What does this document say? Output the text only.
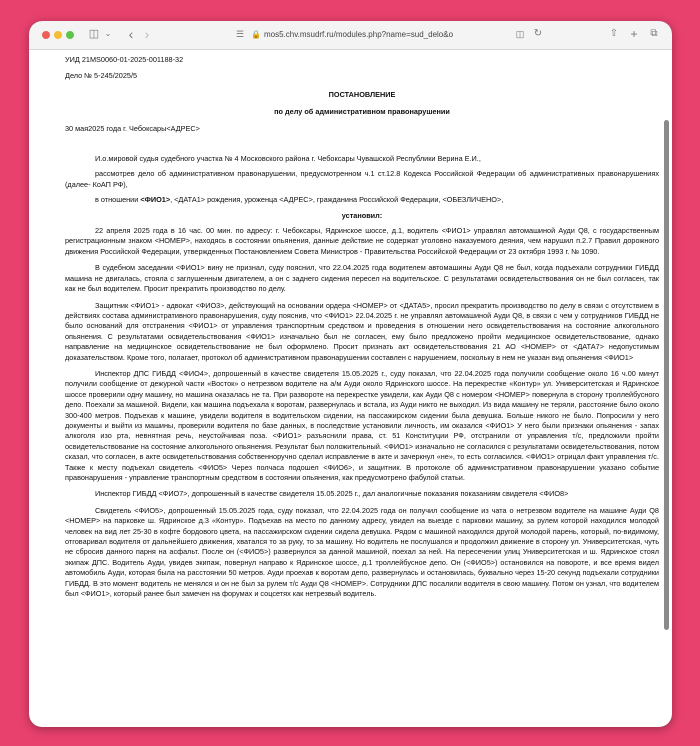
◫ ⌄ ‹ ›	☰ 🔒 mos5.chv.msudrf.ru/modules.php?name=sud_delo&o	◫ ↻	⇧ +	⧉

УИД 21MS0060-01-2025-001188-32

Дело № 5-245/2025/5

ПОСТАНОВЛЕНИЕ

по делу об административном правонарушении

30 мая2025 года г. Чебоксары<АДРЕС>

И.о.мировой судья судебного участка № 4 Московского района г. Чебоксары Чувашской Республики Верина Е.И.,

рассмотрев дело об административном правонарушении, предусмотренном ч.1 ст.12.8 Кодекса Российской Федерации об административных правонарушениях (далее- КоАП РФ),

в отношении <ФИО1>, <ДАТА1> рождения, уроженца <АДРЕС>, гражданина Российской Федерации, <ОБЕЗЛИЧЕНО>,

установил:

22 апреля 2025 года в 16 час. 00 мин. по адресу: г. Чебоксары, Ядринское шоссе, д.1, водитель <ФИО1> управлял автомашиной Ауди Q8, с государственным регистрационным знаком <НОМЕР>, находясь в состоянии опьянения, данные действие не содержат уголовно наказуемого деяния, чем нарушил п.2.7 Правил дорожного движения Российской Федерации, утвержденных Постановлением Совета Министров - Правительства Российской Федерации от 23 октября 1993 г. № 1090.

В судебном заседании <ФИО1> вину не признал, суду пояснил, что 22.04.2025 года водителем автомашины Ауди Q8 не был, когда подъехали сотрудники ГИБДД машина не двигалась, стояла с заглушенным двигателем, а он с заднего сидения пересел на водительское. С результатами освидетельствования он не был согласен, так как не был водителем. Просит прекратить производство по делу.

Защитник <ФИО1> - адвокат <ФИО3>, действующий на основании ордера <НОМЕР> от <ДАТА5>, просил прекратить производство по делу в связи с отсутствием в действиях состава административного правонарушения, суду пояснив, что <ФИО1> 22.04.2025 г. не управлял автомашиной Ауди Q8, в связи с чем у сотрудников ГИБДД не было оснований для отстранения <ФИО1> от управления транспортным средством и проведения в отношении него освидетельствования на состояние алкогольного опьянения. С результатами освидетельствования <ФИО1> изначально был не согласен, ему было предложено пройти медицинское освидетельствование, однако направление на медицинское освидетельствование не был оформлено. Просит признать акт освидетельствования 21 АО <НОМЕР> от <ДАТА7> недопустимым доказательством. Кроме того, полагает, протокол об административном правонарушении составлен с нарушением, поскольку в нем не указан вид опьянения <ФИО1>

Инспектор ДПС ГИБДД <ФИО4>, допрошенный в качестве свидетеля 15.05.2025 г., суду показал, что 22.04.2025 года получили сообщение около 16 ч.00 минут получили сообщение от дежурной части «Восток» о нетрезвом водителе на а/м Ауди около Ядринского шоссе. На перекрестке «Контур» ул. Университетская и Ядринское шоссе проверили одну машину, но машина оказалась не та. При развороте на перекрестке увидели, как Ауди Q8 с номером <НОМЕР> повернула в сторону троллейбусного депо. Поехали за машиной. Видели, как машина подъехала к воротам, развернулась и встала, из Ауди никто не выходил. Из вида машину не теряли, расстояние было около 300-400 метров. Подъехав к машине, увидели водителя в водительском сидении, на пассажирском сидении была девушка. Больше никого не было. Попросили у него документы и выйти из машины, проверили водителя по базе данных, в последствие установили личность, им оказался <ФИО1> У него были признаки опьянения - запах алкоголя изо рта, невнятная речь, неустойчивая поза. <ФИО1> разъяснили права, ст. 51 Конституции РФ, отстранили от управления т/с, предложили пройти освидетельствование на состояние алкогольного опьянения. Результат был положительный. <ФИО1> изначально не согласился с результатами освидетельствования, потом сказал, что согласен, в акте освидетельствования собственноручно сделал исправление в акте и зачеркнул «не», то есть согласился. <ФИО1> отрицал факт управления т/с. Также к месту подъехал свидетель <ФИО5> Через полчаса подошел <ФИО6>, и защитник. В протоколе об административном правонарушении указано событие правонарушения - управление транспортным средством в состоянии опьянения, как предусмотрено фабулой статьи.

Инспектор ГИБДД <ФИО7>, допрошенный в качестве свидетеля 15.05.2025 г., дал аналогичные показания показаниям свидетеля <ФИО8>

Свидетель <ФИО5>, допрошенный 15.05.2025 года, суду показал, что 22.04.2025 года он получил сообщение из чата о нетрезвом водителе на машине Ауди Q8 <НОМЕР> на парковке ш. Ядринское д.3 «Контур». Подъехав на место по данному адресу, увидел на выезде с парковки машину, за рулем которой находился молодой человек на вид лет 25-30 в кофте бордового цвета, на пассажирском сидении сидела девушка. Рядом с машиной находился другой молодой парень, который, по-видимому, отговаривал водителя от дальнейшего движения, хватался то за руку, то за машину. Но водитель не послушался и продолжил движение в сторону ул. Университетская, чуть не сбросив данного парня на асфальт. После он (<ФИО5>) развернулся за данной машиной, поехал за ней. На пересечении улиц Университетская и ш. Ядринское стоял экипаж ДПС. Водитель Ауди, увидев экипаж, повернул направо к Ядринское шоссе, д.1 троллейбусное депо. Он (<ФИО5>) остановился на повороте, и все время видел автомобиль Ауди, которая была на расстоянии 50 метров. Ауди проехав к воротам депо, развернулась и остановилась, буквально через 15-20 секунд подъехали сотрудники ГИБДД. В это момент водитель не менялся и он не был за рулем т/с Ауди Q8 <НОМЕР>. Сотрудники ДПС посалили водителя в свою машину. Потом он узнал, что водителем был <ФИО1>, который ранее был замечен на форумах и соцсетях как нетрезвый водитель.
